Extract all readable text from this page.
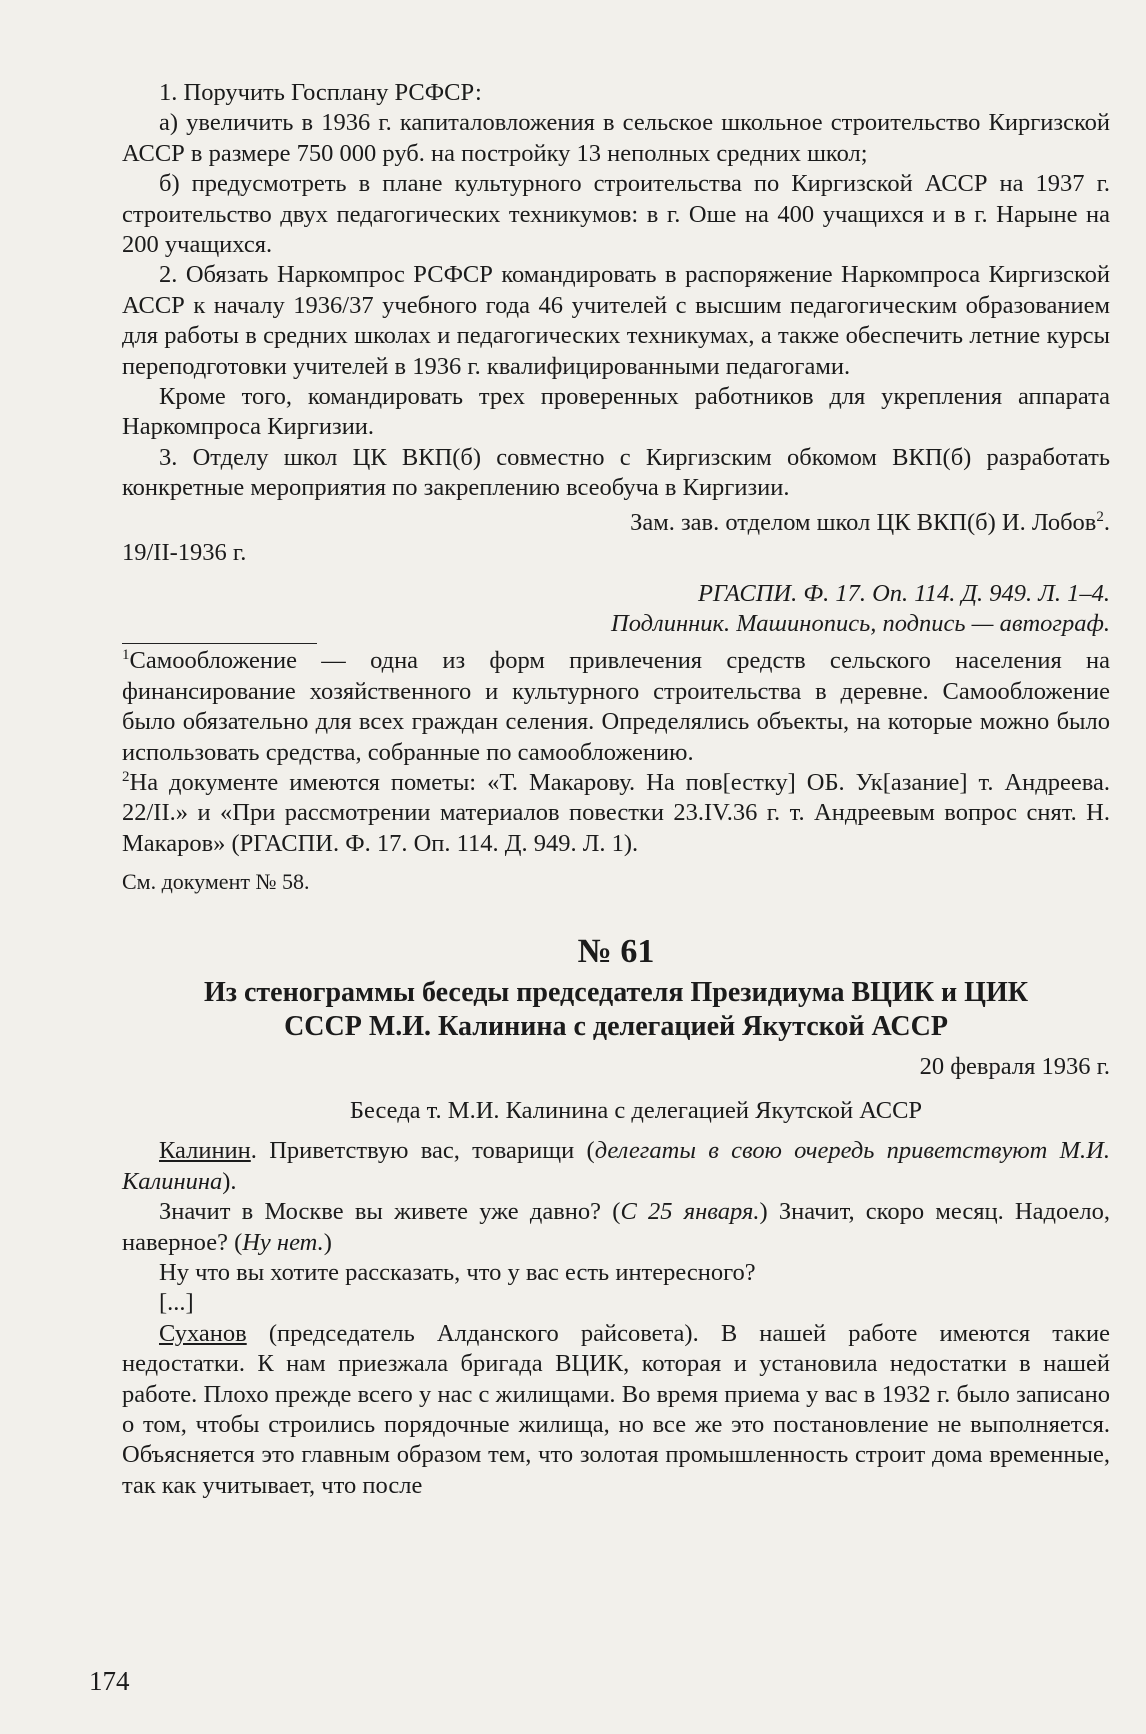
1. Поручить Госплану РСФСР:

а) увеличить в 1936 г. капиталовложения в сельское школьное строительство Киргизской АССР в размере 750 000 руб. на постройку 13 неполных средних школ;

б) предусмотреть в плане культурного строительства по Киргизской АССР на 1937 г. строительство двух педагогических техникумов: в г. Оше на 400 учащихся и в г. Нарыне на 200 учащихся.

2. Обязать Наркомпрос РСФСР командировать в распоряжение Наркомпроса Киргизской АССР к началу 1936/37 учебного года 46 учителей с высшим педагогическим образованием для работы в средних школах и педагогических техникумах, а также обеспечить летние курсы переподготовки учителей в 1936 г. квалифицированными педагогами.

Кроме того, командировать трех проверенных работников для укрепления аппарата Наркомпроса Киргизии.

3. Отделу школ ЦК ВКП(б) совместно с Киргизским обкомом ВКП(б) разработать конкретные мероприятия по закреплению всеобуча в Киргизии.

Зам. зав. отделом школ ЦК ВКП(б) И. Лобов$^2$.

19/II-1936 г.

РГАСПИ. Ф. 17. Оп. 114. Д. 949. Л. 1–4.
Подлинник. Машинопись, подпись — автограф.

$^1$Самообложение — одна из форм привлечения средств сельского населения на финансирование хозяйственного и культурного строительства в деревне. Самообложение было обязательно для всех граждан селения. Определялись объекты, на которые можно было использовать средства, собранные по самообложению.

$^2$На документе имеются пометы: «Т. Макарову. На пов[естку] ОБ. Ук[азание] т. Андреева. 22/II.» и «При рассмотрении материалов повестки 23.IV.36 г. т. Андреевым вопрос снят. Н. Макаров» (РГАСПИ. Ф. 17. Оп. 114. Д. 949. Л. 1).

См. документ № 58.
№ 61
Из стенограммы беседы председателя Президиума ВЦИК и ЦИК
СССР М.И. Калинина с делегацией Якутской АССР
20 февраля 1936 г.
Беседа т. М.И. Калинина с делегацией Якутской АССР

Калинин. Приветствую вас, товарищи (делегаты в свою очередь приветствуют М.И. Калинина).

Значит в Москве вы живете уже давно? (С 25 января.) Значит, скоро месяц. Надоело, наверное? (Ну нет.)

Ну что вы хотите рассказать, что у вас есть интересного?

[...]

Суханов (председатель Алданского райсовета). В нашей работе имеются такие недостатки. К нам приезжала бригада ВЦИК, которая и установила недостатки в нашей работе. Плохо прежде всего у нас с жилищами. Во время приема у вас в 1932 г. было записано о том, чтобы строились порядочные жилища, но все же это постановление не выполняется. Объясняется это главным образом тем, что золотая промышленность строит дома временные, так как учитывает, что после

174
